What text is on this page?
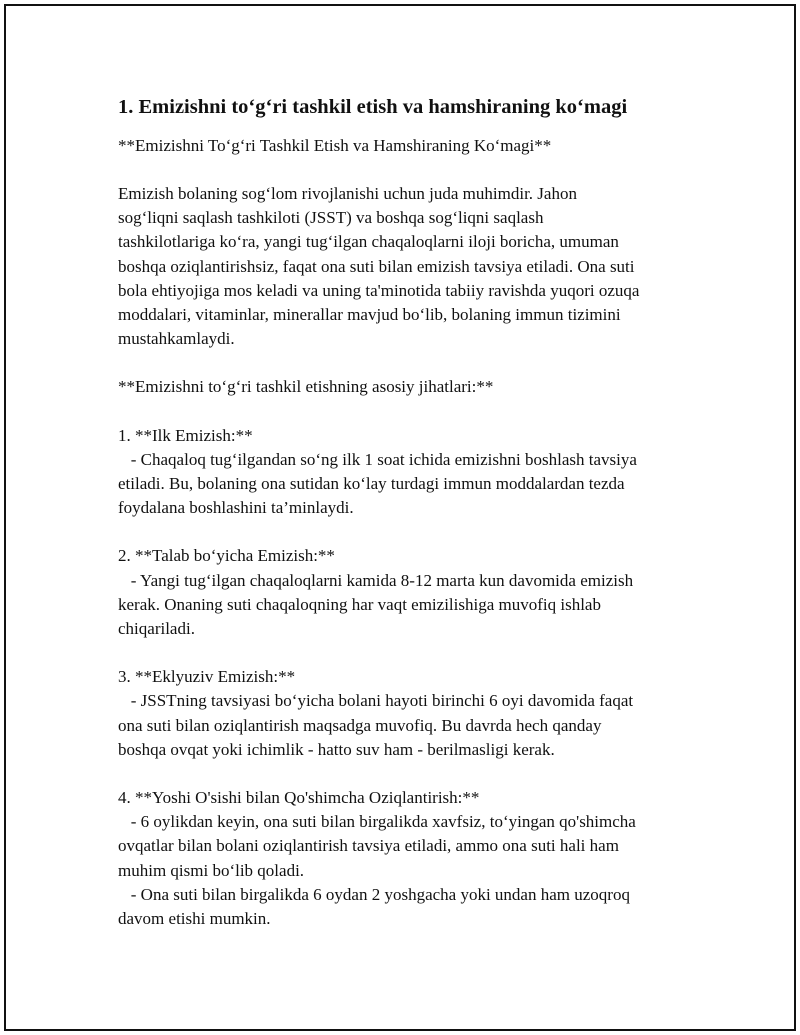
1. Emizishni to‘g‘ri tashkil etish va hamshiraning ko‘magi

**Emizishni To‘g‘ri Tashkil Etish va Hamshiraning Ko‘magi**

Emizish bolaning sog‘lom rivojlanishi uchun juda muhimdir. Jahon
sog‘liqni saqlash tashkiloti (JSST) va boshqa sog‘liqni saqlash
tashkilotlariga ko‘ra, yangi tug‘ilgan chaqaloqlarni iloji boricha, umuman
boshqa oziqlantirishsiz, faqat ona suti bilan emizish tavsiya etiladi. Ona suti
bola ehtiyojiga mos keladi va uning ta'minotida tabiiy ravishda yuqori ozuqa
moddalari, vitaminlar, minerallar mavjud bo‘lib, bolaning immun tizimini
mustahkamlaydi.
**Emizishni to‘g‘ri tashkil etishning asosiy jihatlari:**
1. **Ilk Emizish:**
- Chaqaloq tug‘ilgandan so‘ng ilk 1 soat ichida emizishni boshlash tavsiya
etiladi. Bu, bolaning ona sutidan ko‘lay turdagi immun moddalardan tezda
foydalana boshlashini ta’minlaydi.
2. **Talab bo‘yicha Emizish:**
- Yangi tug‘ilgan chaqaloqlarni kamida 8-12 marta kun davomida emizish
kerak. Onaning suti chaqaloqning har vaqt emizilishiga muvofiq ishlab
chiqariladi.
3. **Eklyuziv Emizish:**
- JSSTning tavsiyasi bo‘yicha bolani hayoti birinchi 6 oyi davomida faqat
ona suti bilan oziqlantirish maqsadga muvofiq. Bu davrda hech qanday
boshqa ovqat yoki ichimlik - hatto suv ham - berilmasligi kerak.
4. **Yoshi O'sishi bilan Qo'shimcha Oziqlantirish:**
- 6 oylikdan keyin, ona suti bilan birgalikda xavfsiz, to‘yingan qo'shimcha
ovqatlar bilan bolani oziqlantirish tavsiya etiladi, ammo ona suti hali ham
muhim qismi bo‘lib qoladi.
- Ona suti bilan birgalikda 6 oydan 2 yoshgacha yoki undan ham uzoqroq
davom etishi mumkin.
